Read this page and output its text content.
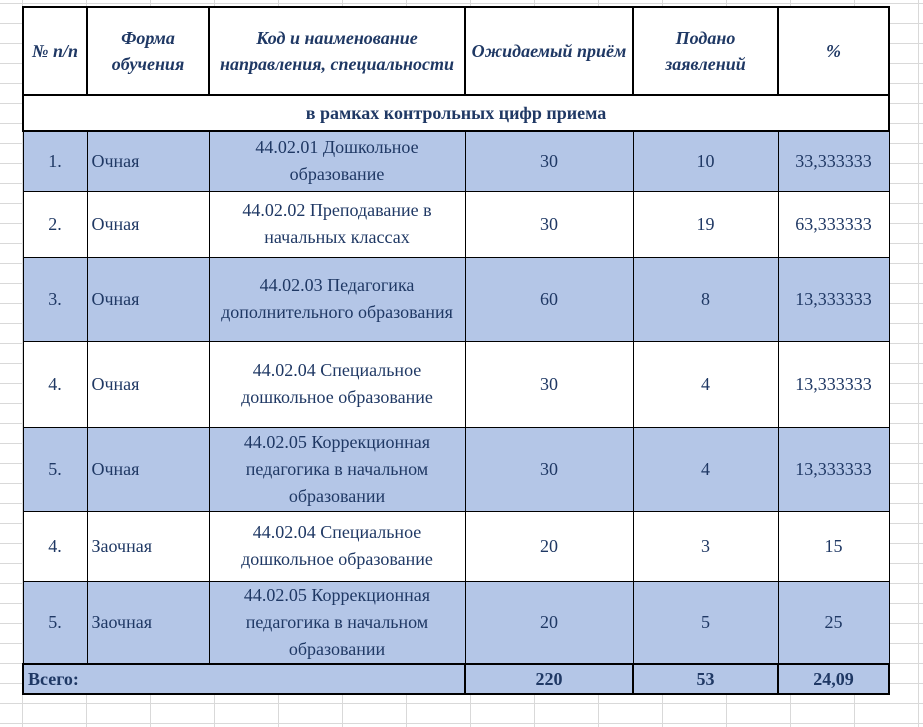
№ п/п	Форма обучения	Код и наименование направления, специальности	Ожидаемый приём	Подано заявлений	%
в рамках контрольных цифр приема					
1.	Очная	44.02.01 Дошкольное образование	30	10	33,333333
2.	Очная	44.02.02 Преподавание в начальных классах	30	19	63,333333
3.	Очная	44.02.03 Педагогика дополнительного образования	60	8	13,333333
4.	Очная	44.02.04 Специальное дошкольное образование	30	4	13,333333
5.	Очная	44.02.05 Коррекционная педагогика в начальном образовании	30	4	13,333333
4.	Заочная	44.02.04 Специальное дошкольное образование	20	3	15
5.	Заочная	44.02.05 Коррекционная педагогика в начальном образовании	20	5	25
Всего:			220	53	24,09
